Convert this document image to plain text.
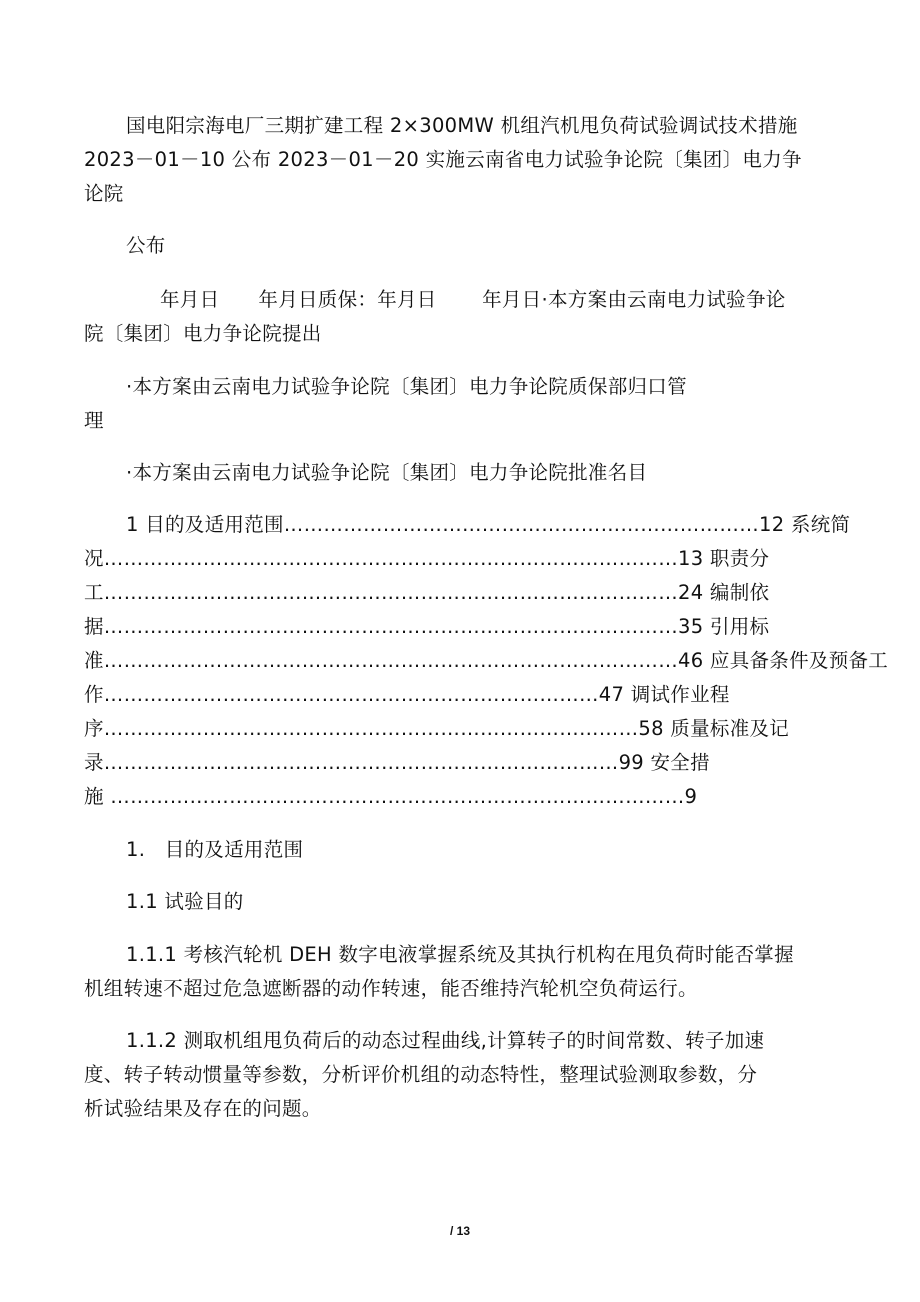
国电阳宗海电厂三期扩建工程 2×300MW 机组汽机甩负荷试验调试技术措施
2023－01－10 公布 2023－01－20 实施云南省电力试验争论院〔集团〕电力争
论院
公布
年月日      年月日质保：年月日       年月日·本方案由云南电力试验争论
院〔集团〕电力争论院提出
·本方案由云南电力试验争论院〔集团〕电力争论院质保部归口管
理
·本方案由云南电力试验争论院〔集团〕电力争论院批准名目
1 目的及适用范围………………………………………………………………12 系统简
况……………………………………………………………………………13 职责分
工……………………………………………………………………………24 编制依
据……………………………………………………………………………35 引用标
准……………………………………………………………………………46 应具备条件及预备工
作…………………………………………………………………47 调试作业程
序………………………………………………………………………58 质量标准及记
录……………………………………………………………………99 安全措
施 ……………………………………………………………………………9
1.   目的及适用范围
1.1 试验目的
1.1.1 考核汽轮机 DEH 数字电液掌握系统及其执行机构在甩负荷时能否掌握
机组转速不超过危急遮断器的动作转速，能否维持汽轮机空负荷运行。
1.1.2 测取机组甩负荷后的动态过程曲线,计算转子的时间常数、转子加速
度、转子转动惯量等参数，分析评价机组的动态特性，整理试验测取参数，分
析试验结果及存在的问题。
/ 13
